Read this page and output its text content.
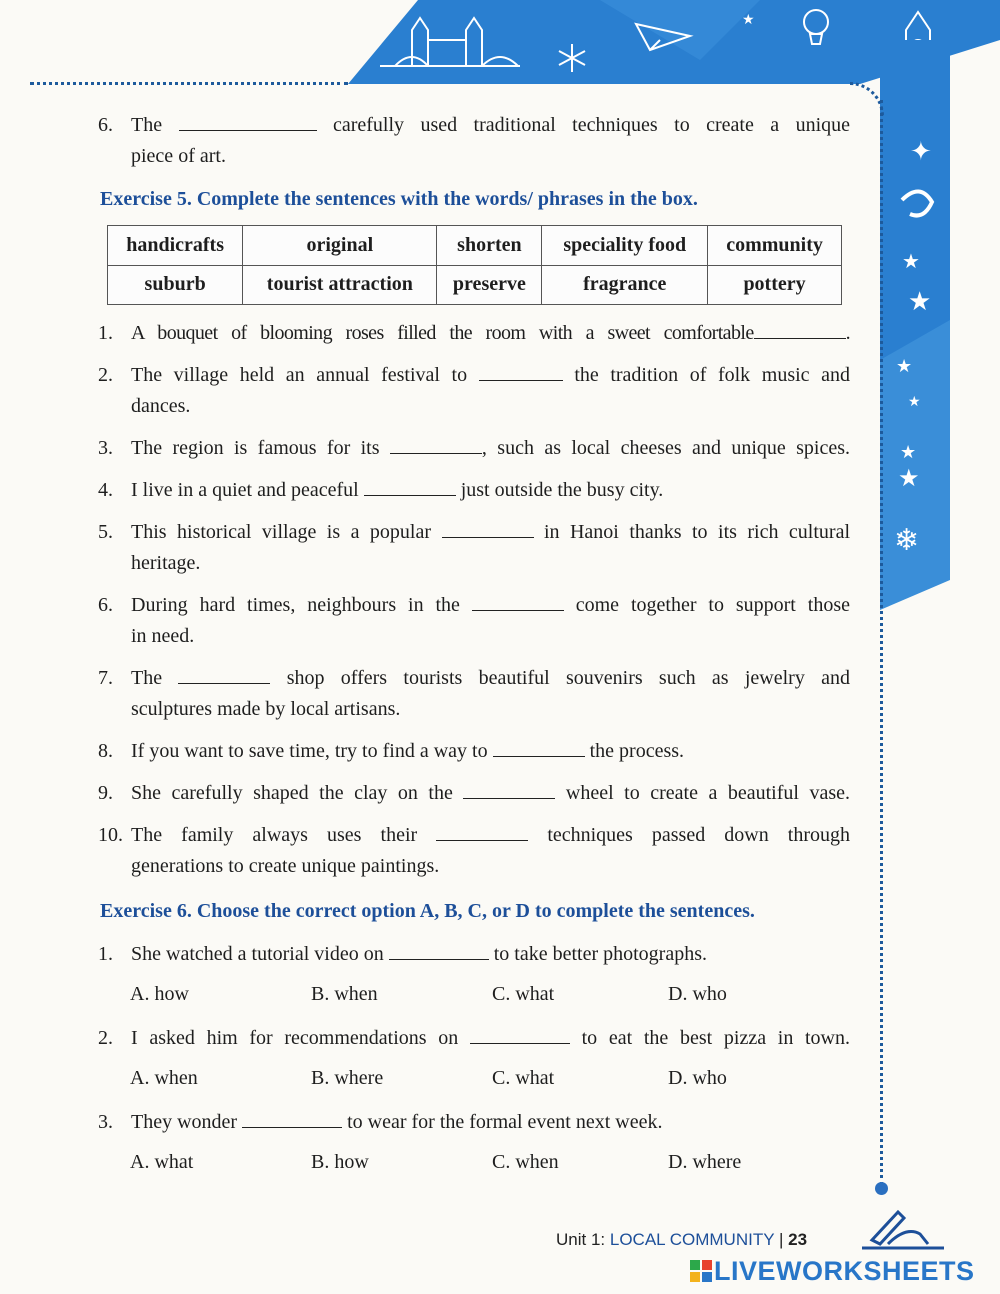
★
✦
★
★
★
★
★
★
❄
6. The	carefully used traditional techniques to create a unique
piece of art.
Exercise 5. Complete the sentences with the words/ phrases in the box.
handicrafts	original	shorten	speciality food	community
suburb	tourist attraction	preserve	fragrance	pottery
1. A bouquet of blooming roses filled the room with a sweet comfortable	.
2. The village held an annual festival to	the tradition of folk music and
dances.
3. The region is famous for its	, such as local cheeses and unique spices.
4. I live in a quiet and peaceful	just outside the busy city.
5. This historical village is a popular	in Hanoi thanks to its rich cultural
heritage.
6. During hard times, neighbours in the	come together to support those
in need.
7. The	shop offers tourists beautiful souvenirs such as jewelry and
sculptures made by local artisans.
8. If you want to save time, try to find a way to	the process.
9. She carefully shaped the clay on the	wheel to create a beautiful vase.
10. The family always uses their	techniques passed down through
generations to create unique paintings.
Exercise 6. Choose the correct option A, B, C, or D to complete the sentences.
1. She watched a tutorial video on	to take better photographs.
A. how	B. when	C. what	D. who
2. I asked him for recommendations on	to eat the best pizza in town.
A. when	B. where	C. what	D. who
3. They wonder	to wear for the formal event next week.
A. what	B. how	C. when	D. where
Unit 1: LOCAL COMMUNITY | 23
LIVEWORKSHEETS
